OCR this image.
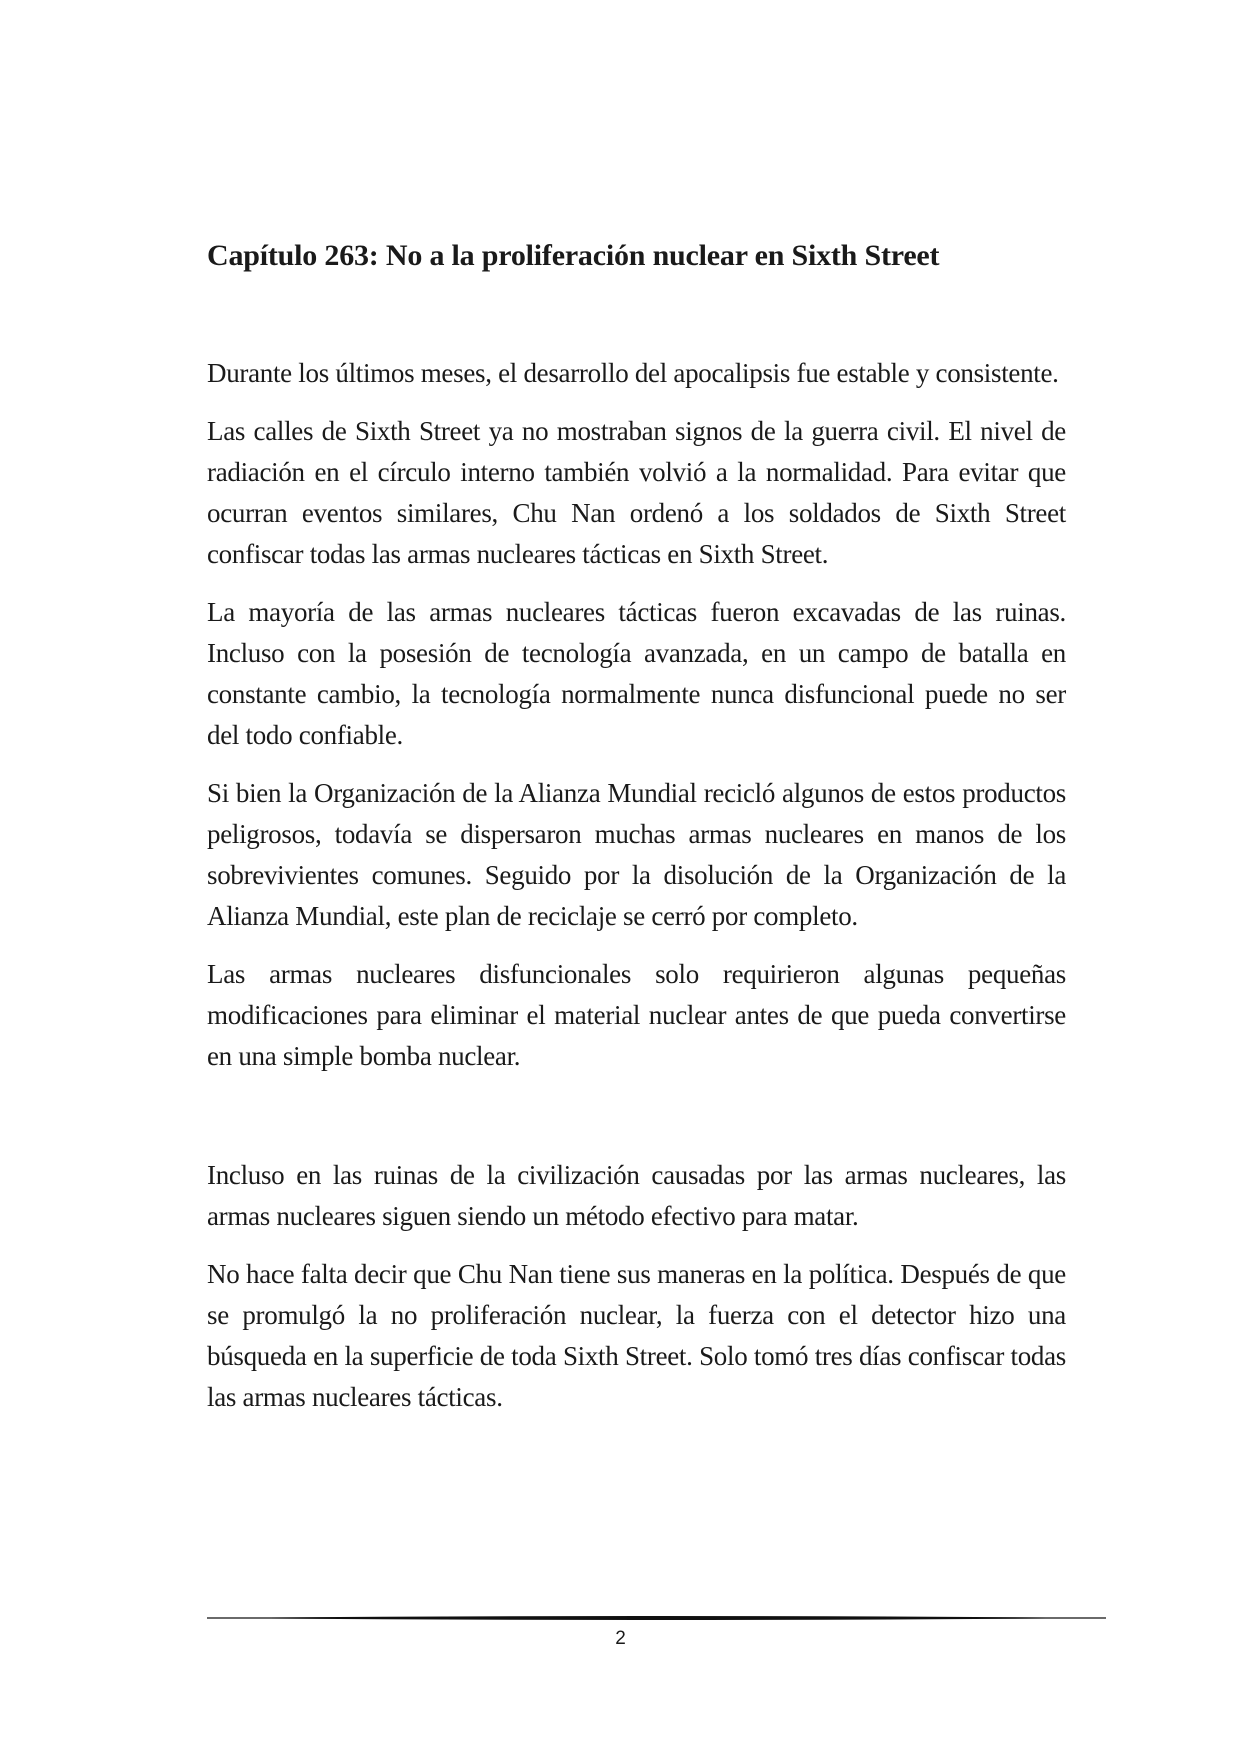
Capítulo 263: No a la proliferación nuclear en Sixth Street

Durante los últimos meses, el desarrollo del apocalipsis fue estable y consistente.

Las calles de Sixth Street ya no mostraban signos de la guerra civil. El nivel de radiación en el círculo interno también volvió a la normalidad. Para evitar que ocurran eventos similares, Chu Nan ordenó a los soldados de Sixth Street confiscar todas las armas nucleares tácticas en Sixth Street.

La mayoría de las armas nucleares tácticas fueron excavadas de las ruinas. Incluso con la posesión de tecnología avanzada, en un campo de batalla en constante cambio, la tecnología normalmente nunca disfuncional puede no ser del todo confiable.

Si bien la Organización de la Alianza Mundial recicló algunos de estos productos peligrosos, todavía se dispersaron muchas armas nucleares en manos de los sobrevivientes comunes. Seguido por la disolución de la Organización de la Alianza Mundial, este plan de reciclaje se cerró por completo.

Las armas nucleares disfuncionales solo requirieron algunas pequeñas modificaciones para eliminar el material nuclear antes de que pueda convertirse en una simple bomba nuclear.

Incluso en las ruinas de la civilización causadas por las armas nucleares, las armas nucleares siguen siendo un método efectivo para matar.

No hace falta decir que Chu Nan tiene sus maneras en la política. Después de que se promulgó la no proliferación nuclear, la fuerza con el detector hizo una búsqueda en la superficie de toda Sixth Street. Solo tomó tres días confiscar todas las armas nucleares tácticas.

2
